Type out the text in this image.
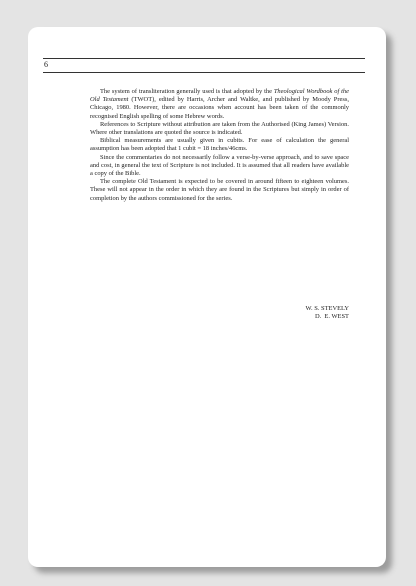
6

The system of transliteration generally used is that adopted by the Theological Wordbook of the Old Testament (TWOT), edited by Harris, Archer and Waltke, and published by Moody Press, Chicago, 1980. However, there are occasions when account has been taken of the commonly recognised English spelling of some Hebrew words.

References to Scripture without attribution are taken from the Authorised (King James) Version. Where other translations are quoted the source is indicated.

Biblical measurements are usually given in cubits. For ease of calculation the general assumption has been adopted that 1 cubit = 18 inches/46cms.

Since the commentaries do not necessarily follow a verse-by-verse approach, and to save space and cost, in general the text of Scripture is not included. It is assumed that all readers have available a copy of the Bible.

The complete Old Testament is expected to be covered in around fifteen to eighteen volumes. These will not appear in the order in which they are found in the Scriptures but simply in order of completion by the authors commissioned for the series.

W. S. STEVELY
D.  E. WEST
